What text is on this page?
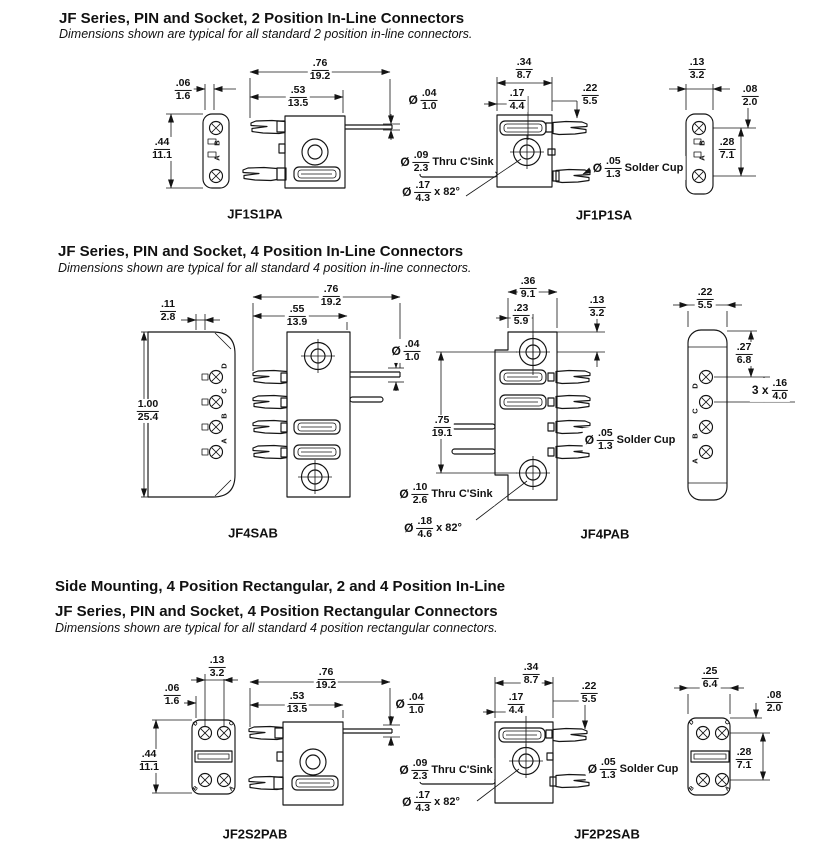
JF Series, PIN and Socket, 2 Position In-Line Connectors
Dimensions shown are typical for all standard 2 position in-line connectors.
JF Series, PIN and Socket, 4 Position In-Line Connectors
Dimensions shown are typical for all standard 4 position in-line connectors.
Side Mounting, 4 Position Rectangular, 2 and 4 Position In-Line
JF Series, PIN and Socket, 4 Position Rectangular Connectors
Dimensions shown are typical for all standard 4 position rectangular connectors.
JF1S1PA	JF1P1SA
JF4SAB	JF4PAB
JF2S2PAB	JF2P2SAB
.06
1.6
.44
11.1
.76
19.2
.53
13.5	Ø
.04
1.0
Ø
.09
2.3 Thru C'Sink
Ø
.17
4.3 x 82°
.34
8.7
.17
4.4
.22
5.5
Ø
.05
1.3 Solder Cup
.13
3.2
.08
2.0
.28
7.1
.11
2.8
1.00
25.4
.76
19.2
.55
13.9
Ø
.04
1.0
.36
9.1
.23
5.9
.13
3.2
.75
19.1
Ø
.10
2.6 Thru C'Sink
Ø
.18
4.6 x 82°
Ø
.05
1.3 Solder Cup
.22
5.5
.27
6.8
3 x
.16
4.0
.13
3.2
.06
1.6
.44
11.1
.76
19.2
.53
13.5	Ø
.04
1.0
Ø
.09
2.3 Thru C'Sink
Ø
.17
4.3 x 82°
.34
8.7
.17
4.4
.22
5.5
Ø
.05
1.3 Solder Cup
.25
6.4
.08
2.0
.28
7.1
B
A
B
A
D
C
B
A
D
C
B
A
D	C
B	A
D	C
B	A
